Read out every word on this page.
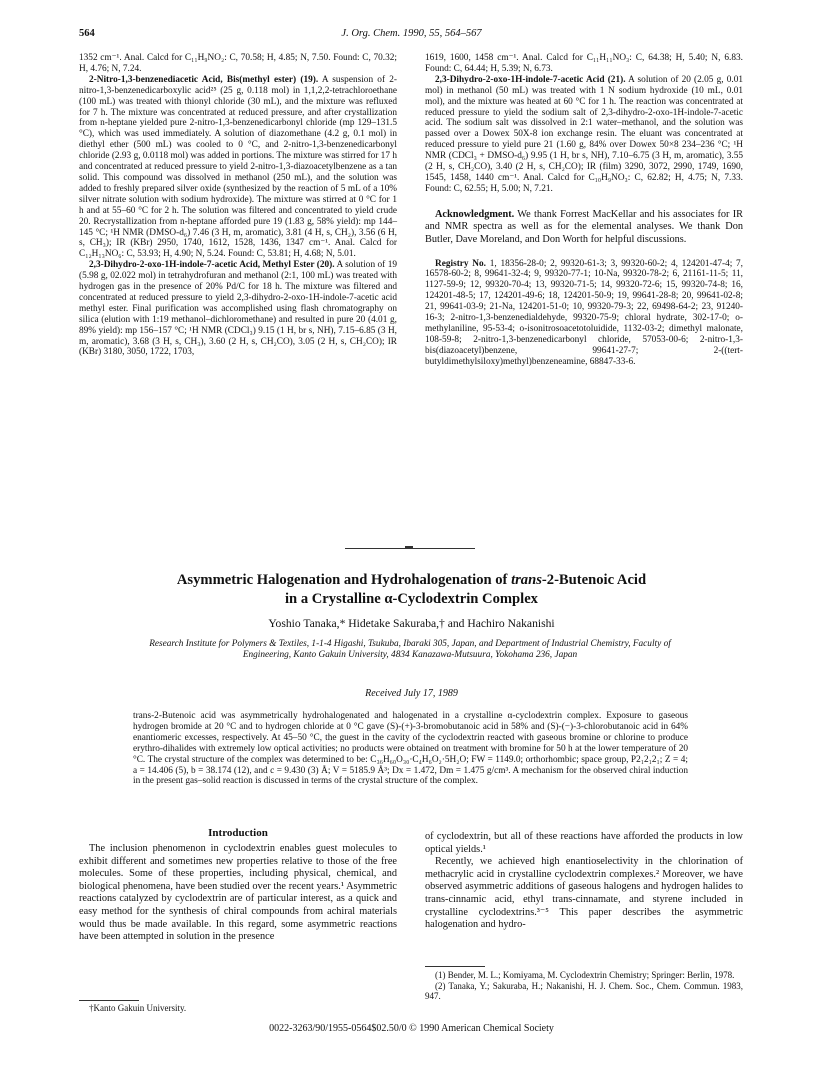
564	J. Org. Chem. 1990, 55, 564–567

1352 cm⁻¹. Anal. Calcd for C₁₁H₉NO₂: C, 70.58; H, 4.85; N, 7.50. Found: C, 70.32; H, 4.76; N, 7.24.

2-Nitro-1,3-benzenediacetic Acid, Bis(methyl ester) (19). A suspension of 2-nitro-1,3-benzenedicarboxylic acid²⁵ (25 g, 0.118 mol) in 1,1,2,2-tetrachloroethane (100 mL) was treated with thionyl chloride (30 mL), and the mixture was refluxed for 7 h. The mixture was concentrated at reduced pressure, and after crystallization from n-heptane yielded pure 2-nitro-1,3-benzenedicarbonyl chloride (mp 129–131.5 °C), which was used immediately. A solution of diazomethane (4.2 g, 0.1 mol) in diethyl ether (500 mL) was cooled to 0 °C, and 2-nitro-1,3-benzenedicarbonyl chloride (2.93 g, 0.0118 mol) was added in portions. The mixture was stirred for 17 h and concentrated at reduced pressure to yield 2-nitro-1,3-diazoacetylbenzene as a tan solid. This compound was dissolved in methanol (250 mL), and the solution was added to freshly prepared silver oxide (synthesized by the reaction of 5 mL of a 10% silver nitrate solution with sodium hydroxide). The mixture was stirred at 0 °C for 1 h and at 55–60 °C for 2 h. The solution was filtered and concentrated to yield crude 20. Recrystallization from n-heptane afforded pure 19 (1.83 g, 58% yield): mp 144–145 °C; ¹H NMR (DMSO-d₆) 7.46 (3 H, m, aromatic), 3.81 (4 H, s, CH₂), 3.56 (6 H, s, CH₃); IR (KBr) 2950, 1740, 1612, 1528, 1436, 1347 cm⁻¹. Anal. Calcd for C₁₂H₁₃NO₆: C, 53.93; H, 4.90; N, 5.24. Found: C, 53.81; H, 4.68; N, 5.01.

2,3-Dihydro-2-oxo-1H-indole-7-acetic Acid, Methyl Ester (20). A solution of 19 (5.98 g, 02.022 mol) in tetrahydrofuran and methanol (2:1, 100 mL) was treated with hydrogen gas in the presence of 20% Pd/C for 18 h. The mixture was filtered and concentrated at reduced pressure to yield 2,3-dihydro-2-oxo-1H-indole-7-acetic acid methyl ester. Final purification was accomplished using flash chromatography on silica (elution with 1:19 methanol–dichloromethane) and resulted in pure 20 (4.01 g, 89% yield): mp 156–157 °C; ¹H NMR (CDCl₃) 9.15 (1 H, br s, NH), 7.15–6.85 (3 H, m, aromatic), 3.68 (3 H, s, CH₃), 3.60 (2 H, s, CH₂CO), 3.05 (2 H, s, CH₂CO); IR (KBr) 3180, 3050, 1722, 1703,

1619, 1600, 1458 cm⁻¹. Anal. Calcd for C₁₁H₁₁NO₃: C, 64.38; H, 5.40; N, 6.83. Found: C, 64.44; H, 5.39; N, 6.73.

2,3-Dihydro-2-oxo-1H-indole-7-acetic Acid (21). A solution of 20 (2.05 g, 0.01 mol) in methanol (50 mL) was treated with 1 N sodium hydroxide (10 mL, 0.01 mol), and the mixture was heated at 60 °C for 1 h. The reaction was concentrated at reduced pressure to yield the sodium salt of 2,3-dihydro-2-oxo-1H-indole-7-acetic acid. The sodium salt was dissolved in 2:1 water–methanol, and the solution was passed over a Dowex 50X-8 ion exchange resin. The eluant was concentrated at reduced pressure to yield pure 21 (1.60 g, 84% over Dowex 50×8 234–236 °C; ¹H NMR (CDCl₃ + DMSO-d₆) 9.95 (1 H, br s, NH), 7.10–6.75 (3 H, m, aromatic), 3.55 (2 H, s, CH₂CO), 3.40 (2 H, s, CH₂CO); IR (film) 3290, 3072, 2990, 1749, 1690, 1545, 1458, 1440 cm⁻¹. Anal. Calcd for C₁₀H₉NO₃: C, 62.82; H, 4.75; N, 7.33. Found: C, 62.55; H, 5.00; N, 7.21.

Acknowledgment. We thank Forrest MacKellar and his associates for IR and NMR spectra as well as for the elemental analyses. We thank Don Butler, Dave Moreland, and Don Worth for helpful discussions.

Registry No. 1, 18356-28-0; 2, 99320-61-3; 3, 99320-60-2; 4, 124201-47-4; 7, 16578-60-2; 8, 99641-32-4; 9, 99320-77-1; 10-Na, 99320-78-2; 6, 21161-11-5; 11, 1127-59-9; 12, 99320-70-4; 13, 99320-71-5; 14, 99320-72-6; 15, 99320-74-8; 16, 124201-48-5; 17, 124201-49-6; 18, 124201-50-9; 19, 99641-28-8; 20, 99641-02-8; 21, 99641-03-9; 21-Na, 124201-51-0; 10, 99320-79-3; 22, 69498-64-2; 23, 91240-16-3; 2-nitro-1,3-benzenedialdehyde, 99320-75-9; chloral hydrate, 302-17-0; o-methylaniline, 95-53-4; o-isonitrosoacetotoluidide, 1132-03-2; dimethyl malonate, 108-59-8; 2-nitro-1,3-benzenedicarbonyl chloride, 57053-00-6; 2-nitro-1,3-bis(diazoacetyl)benzene, 99641-27-7; 2-((tert-butyldimethylsiloxy)methyl)benzeneamine, 68847-33-6.

Asymmetric Halogenation and Hydrohalogenation of trans-2-Butenoic Acid
in a Crystalline α-Cyclodextrin Complex
Yoshio Tanaka,* Hidetake Sakuraba,† and Hachiro Nakanishi
Research Institute for Polymers & Textiles, 1-1-4 Higashi, Tsukuba, Ibaraki 305, Japan, and Department of Industrial Chemistry, Faculty of Engineering, Kanto Gakuin University, 4834 Kanazawa-Mutsuura, Yokohama 236, Japan
Received July 17, 1989
trans-2-Butenoic acid was asymmetrically hydrohalogenated and halogenated in a crystalline α-cyclodextrin complex. Exposure to gaseous hydrogen bromide at 20 °C and to hydrogen chloride at 0 °C gave (S)-(+)-3-bromobutanoic acid in 58% and (S)-(−)-3-chlorobutanoic acid in 64% enantiomeric excesses, respectively. At 45–50 °C, the guest in the cavity of the cyclodextrin reacted with gaseous bromine or chlorine to produce erythro-dihalides with extremely low optical activities; no products were obtained on treatment with bromine for 50 h at the lower temperature of 20 °C. The crystal structure of the complex was determined to be: C₃₆H₆₀O₃₀·C₄H₆O₂·5H₂O; FW = 1149.0; orthorhombic; space group, P2₁2₁2₁; Z = 4; a = 14.406 (5), b = 38.174 (12), and c = 9.430 (3) Å; V = 5185.9 Å³; Dx = 1.472, Dm = 1.475 g/cm³. A mechanism for the observed chiral induction in the present gas–solid reaction is discussed in terms of the crystal structure of the complex.
Introduction

The inclusion phenomenon in cyclodextrin enables guest molecules to exhibit different and sometimes new properties relative to those of the free molecules. Some of these properties, including physical, chemical, and biological phenomena, have been studied over the recent years.¹ Asymmetric reactions catalyzed by cyclodextrin are of particular interest, as a quick and easy method for the synthesis of chiral compounds from achiral materials would thus be made available. In this regard, some asymmetric reactions have been attempted in solution in the presence

of cyclodextrin, but all of these reactions have afforded the products in low optical yields.¹

Recently, we achieved high enantioselectivity in the chlorination of methacrylic acid in crystalline cyclodextrin complexes.² Moreover, we have observed asymmetric additions of gaseous halogens and hydrogen halides to trans-cinnamic acid, ethyl trans-cinnamate, and styrene included in crystalline cyclodextrins.³⁻⁵ This paper describes the asymmetric halogenation and hydro-

†Kanto Gakuin University.
(1) Bender, M. L.; Komiyama, M. Cyclodextrin Chemistry; Springer: Berlin, 1978.
(2) Tanaka, Y.; Sakuraba, H.; Nakanishi, H. J. Chem. Soc., Chem. Commun. 1983, 947.
0022-3263/90/1955-0564$02.50/0 © 1990 American Chemical Society
